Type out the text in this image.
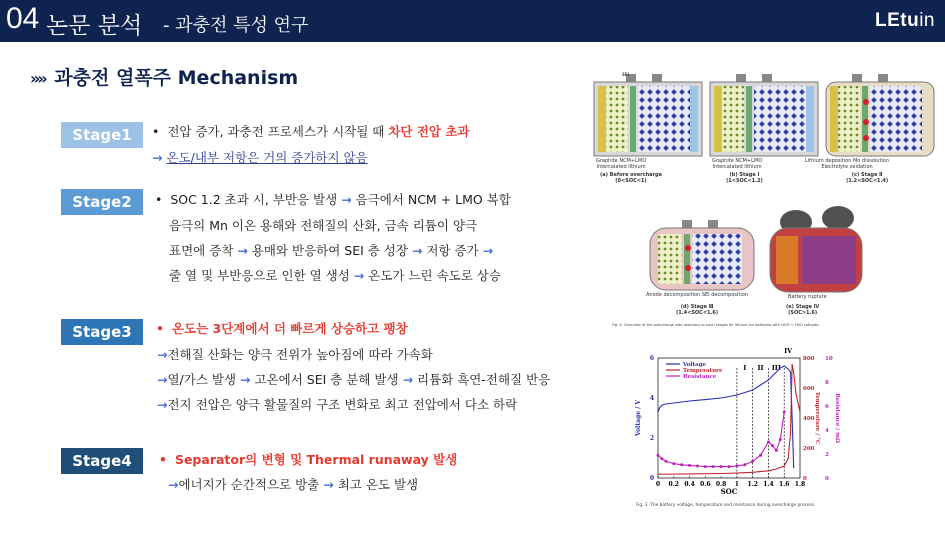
04 논문 분석 - 과충전 특성 연구	LEtuin
»» 과충전 열폭주 Mechanism
Stage1	• 전압 증가, 과충전 프로세스가 시작될 때 차단 전압 초과
→ 온도/내부 저항은 거의 증가하지 않음
Stage2	• SOC 1.2 초과 시, 부반응 발생 → 음극에서 NCM + LMO 복합
음극의 Mn 이온 용해와 전해질의 산화, 금속 리튬이 양극
표면에 증착 → 용매와 반응하여 SEI 층 성장 → 저항 증가 →
줄 열 및 부반응으로 인한 열 생성 → 온도가 느린 속도로 상승
Stage3	• 온도는 3단계에서 더 빠르게 상승하고 팽창
→전해질 산화는 양극 전위가 높아짐에 따라 가속화
→열/가스 발생 → 고온에서 SEI 층 분해 발생 → 리튬화 흑연-전해질 반응
→전지 전압은 양극 활물질의 구조 변화로 최고 전압에서 다소 하락
Stage4	• Separator의 변형 및 Thermal runaway 발생
→에너지가 순간적으로 방출 → 최고 온도 발생
SEI
Graphite NCM+LMO
Intercalated lithium
(a) Before overcharge
(0<SOC<1)
Graphite NCM+LMO
Intercalated lithium
(b) Stage Ⅰ
(1<SOC<1.2)
Lithium deposition Mn dissolution
Electrolyte oxidation
(c) Stage Ⅱ
(1.2<SOC<1.4)
Anode decomposition SEI decomposition
(d) Stage Ⅲ
(1.4<SOC<1.6)
Battery rupture
(e) Stage Ⅳ
(SOC>1.6)
Fig. 4. Overview of the overcharge side reactions at each stages for lithium ion batteries with NCM + LMO cathode.
0 0.2 0.4 0.6 0.8 1 1.2 1.4 1.6 1.8
SOC
0
2
4
6
Voltage / V
0
200
400
600
800
Temperature / °C
0
2
4
6
8
10
Resistance / mΩ
I II III
IV
Voltage
Temperature
Resistance
Fig. 3. The battery voltage, temperature and resistance during overcharge process.
